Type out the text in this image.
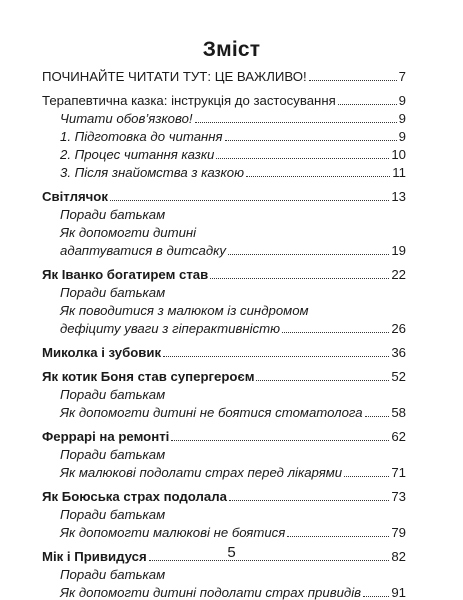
Зміст
ПОЧИНАЙТЕ ЧИТАТИ ТУТ: ЦЕ ВАЖЛИВО!	7
Терапевтична казка: інструкція до застосування	9
Читати обов’язково!	9
1. Підготовка до читання	9
2. Процес читання казки	10
3. Після знайомства з казкою	11
Світлячок	13
Поради батькам
Як допомогти дитині
адаптуватися в дитсадку	19
Як Іванко богатирем став	22
Поради батькам
Як поводитися з малюком із синдромом
дефіциту уваги з гіперактивністю	26
Миколка і зубовик	36
Як котик Боня став супергероєм	52
Поради батькам
Як допомогти дитині не боятися стоматолога 58
Феррарі на ремонті	62
Поради батькам
Як малюкові подолати страх перед лікарями	71
Як Боюська страх подолала	73
Поради батькам
Як допомогти малюкові не боятися	79
Мік і Привидуся	82
Поради батькам
Як допомогти дитині подолати страх привидів 91
5
